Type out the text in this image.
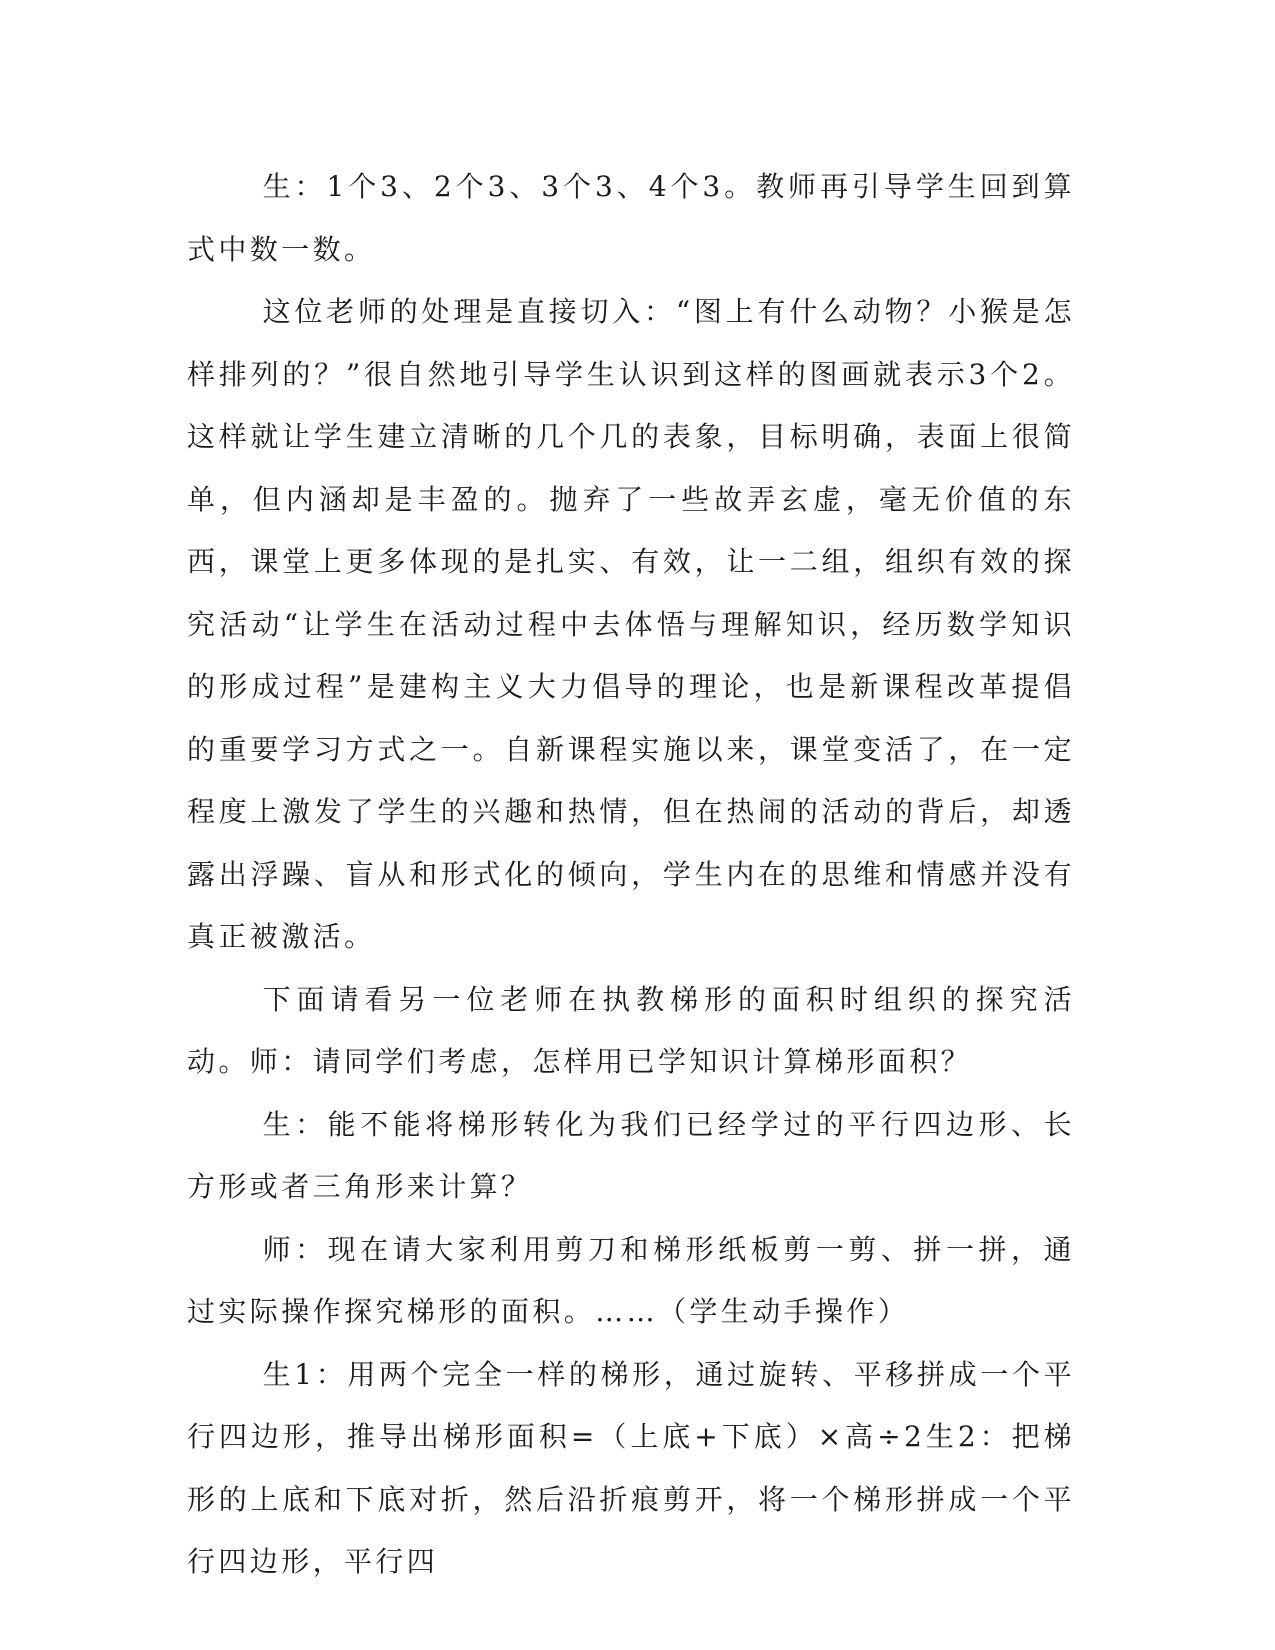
生：1个3、2个3、3个3、4个3。教师再引导学生回到算式中数一数。

这位老师的处理是直接切入：“图上有什么动物？小猴是怎样排列的？”很自然地引导学生认识到这样的图画就表示3个2。这样就让学生建立清晰的几个几的表象，目标明确，表面上很简单，但内涵却是丰盈的。抛弃了一些故弄玄虚，毫无价值的东西，课堂上更多体现的是扎实、有效，让一二组，组织有效的探究活动“让学生在活动过程中去体悟与理解知识，经历数学知识的形成过程”是建构主义大力倡导的理论，也是新课程改革提倡的重要学习方式之一。自新课程实施以来，课堂变活了，在一定程度上激发了学生的兴趣和热情，但在热闹的活动的背后，却透露出浮躁、盲从和形式化的倾向，学生内在的思维和情感并没有真正被激活。

下面请看另一位老师在执教梯形的面积时组织的探究活动。师：请同学们考虑，怎样用已学知识计算梯形面积？

生：能不能将梯形转化为我们已经学过的平行四边形、长方形或者三角形来计算？

师：现在请大家利用剪刀和梯形纸板剪一剪、拼一拼，通过实际操作探究梯形的面积。……（学生动手操作）

生1：用两个完全一样的梯形，通过旋转、平移拼成一个平行四边形，推导出梯形面积=（上底+下底）×高÷2生2：把梯形的上底和下底对折，然后沿折痕剪开，将一个梯形拼成一个平行四边形，平行四
